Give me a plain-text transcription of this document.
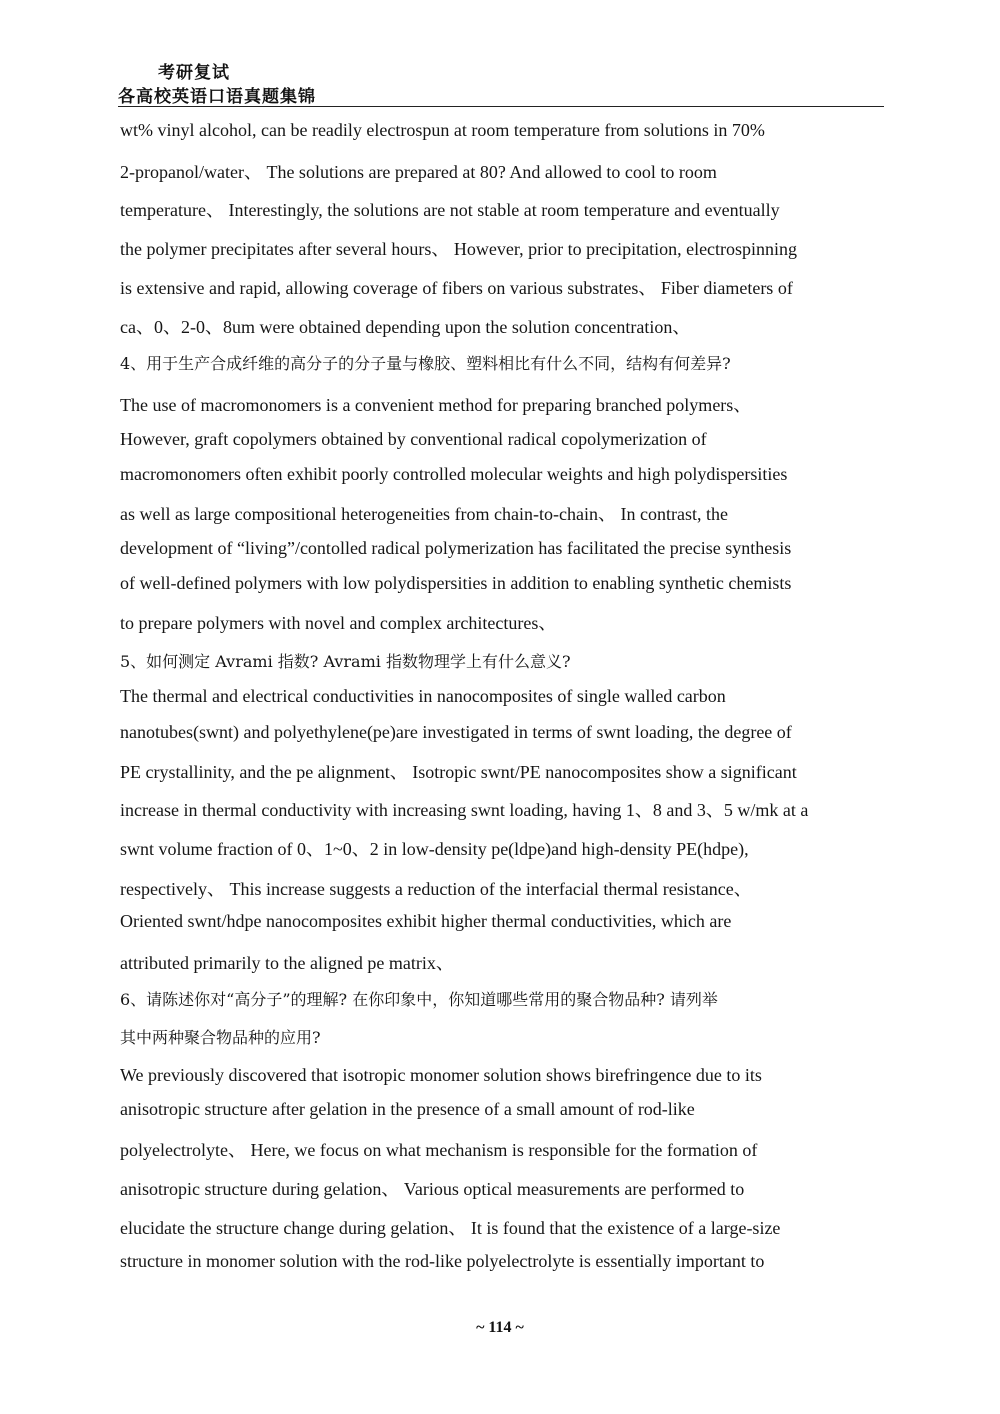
考研复试
各高校英语口语真题集锦
wt% vinyl alcohol, can be readily electrospun at room temperature from solutions in 70%
2-propanol/water、 The solutions are prepared at 80? And allowed to cool to room
temperature、 Interestingly, the solutions are not stable at room temperature and eventually
the polymer precipitates after several hours、 However, prior to precipitation, electrospinning
is extensive and rapid, allowing coverage of fibers on various substrates、 Fiber diameters of
ca、0、2-0、8um were obtained depending upon the solution concentration、
4、用于生产合成纤维的高分子的分子量与橡胶、塑料相比有什么不同，结构有何差异?
The use of macromonomers is a convenient method for preparing branched polymers、
However, graft copolymers obtained by conventional radical copolymerization of
macromonomers often exhibit poorly controlled molecular weights and high polydispersities
as well as large compositional heterogeneities from chain-to-chain、 In contrast, the
development of “living”/contolled radical polymerization has facilitated the precise synthesis
of well-defined polymers with low polydispersities in addition to enabling synthetic chemists
to prepare polymers with novel and complex architectures、
5、如何测定 Avrami 指数? Avrami 指数物理学上有什么意义?
The thermal and electrical conductivities in nanocomposites of single walled carbon
nanotubes(swnt) and polyethylene(pe)are investigated in terms of swnt loading, the degree of
PE crystallinity, and the pe alignment、 Isotropic swnt/PE nanocomposites show a significant
increase in thermal conductivity with increasing swnt loading, having 1、8 and 3、5 w/mk at a
swnt volume fraction of 0、1~0、2 in low-density pe(ldpe)and high-density PE(hdpe),
respectively、 This increase suggests a reduction of the interfacial thermal resistance、
Oriented swnt/hdpe nanocomposites exhibit higher thermal conductivities, which are
attributed primarily to the aligned pe matrix、
6、请陈述你对“高分子”的理解? 在你印象中，你知道哪些常用的聚合物品种? 请列举
其中两种聚合物品种的应用?
We previously discovered that isotropic monomer solution shows birefringence due to its
anisotropic structure after gelation in the presence of a small amount of rod-like
polyelectrolyte、 Here, we focus on what mechanism is responsible for the formation of
anisotropic structure during gelation、 Various optical measurements are performed to
elucidate the structure change during gelation、 It is found that the existence of a large-size
structure in monomer solution with the rod-like polyelectrolyte is essentially important to
~ 114 ~
